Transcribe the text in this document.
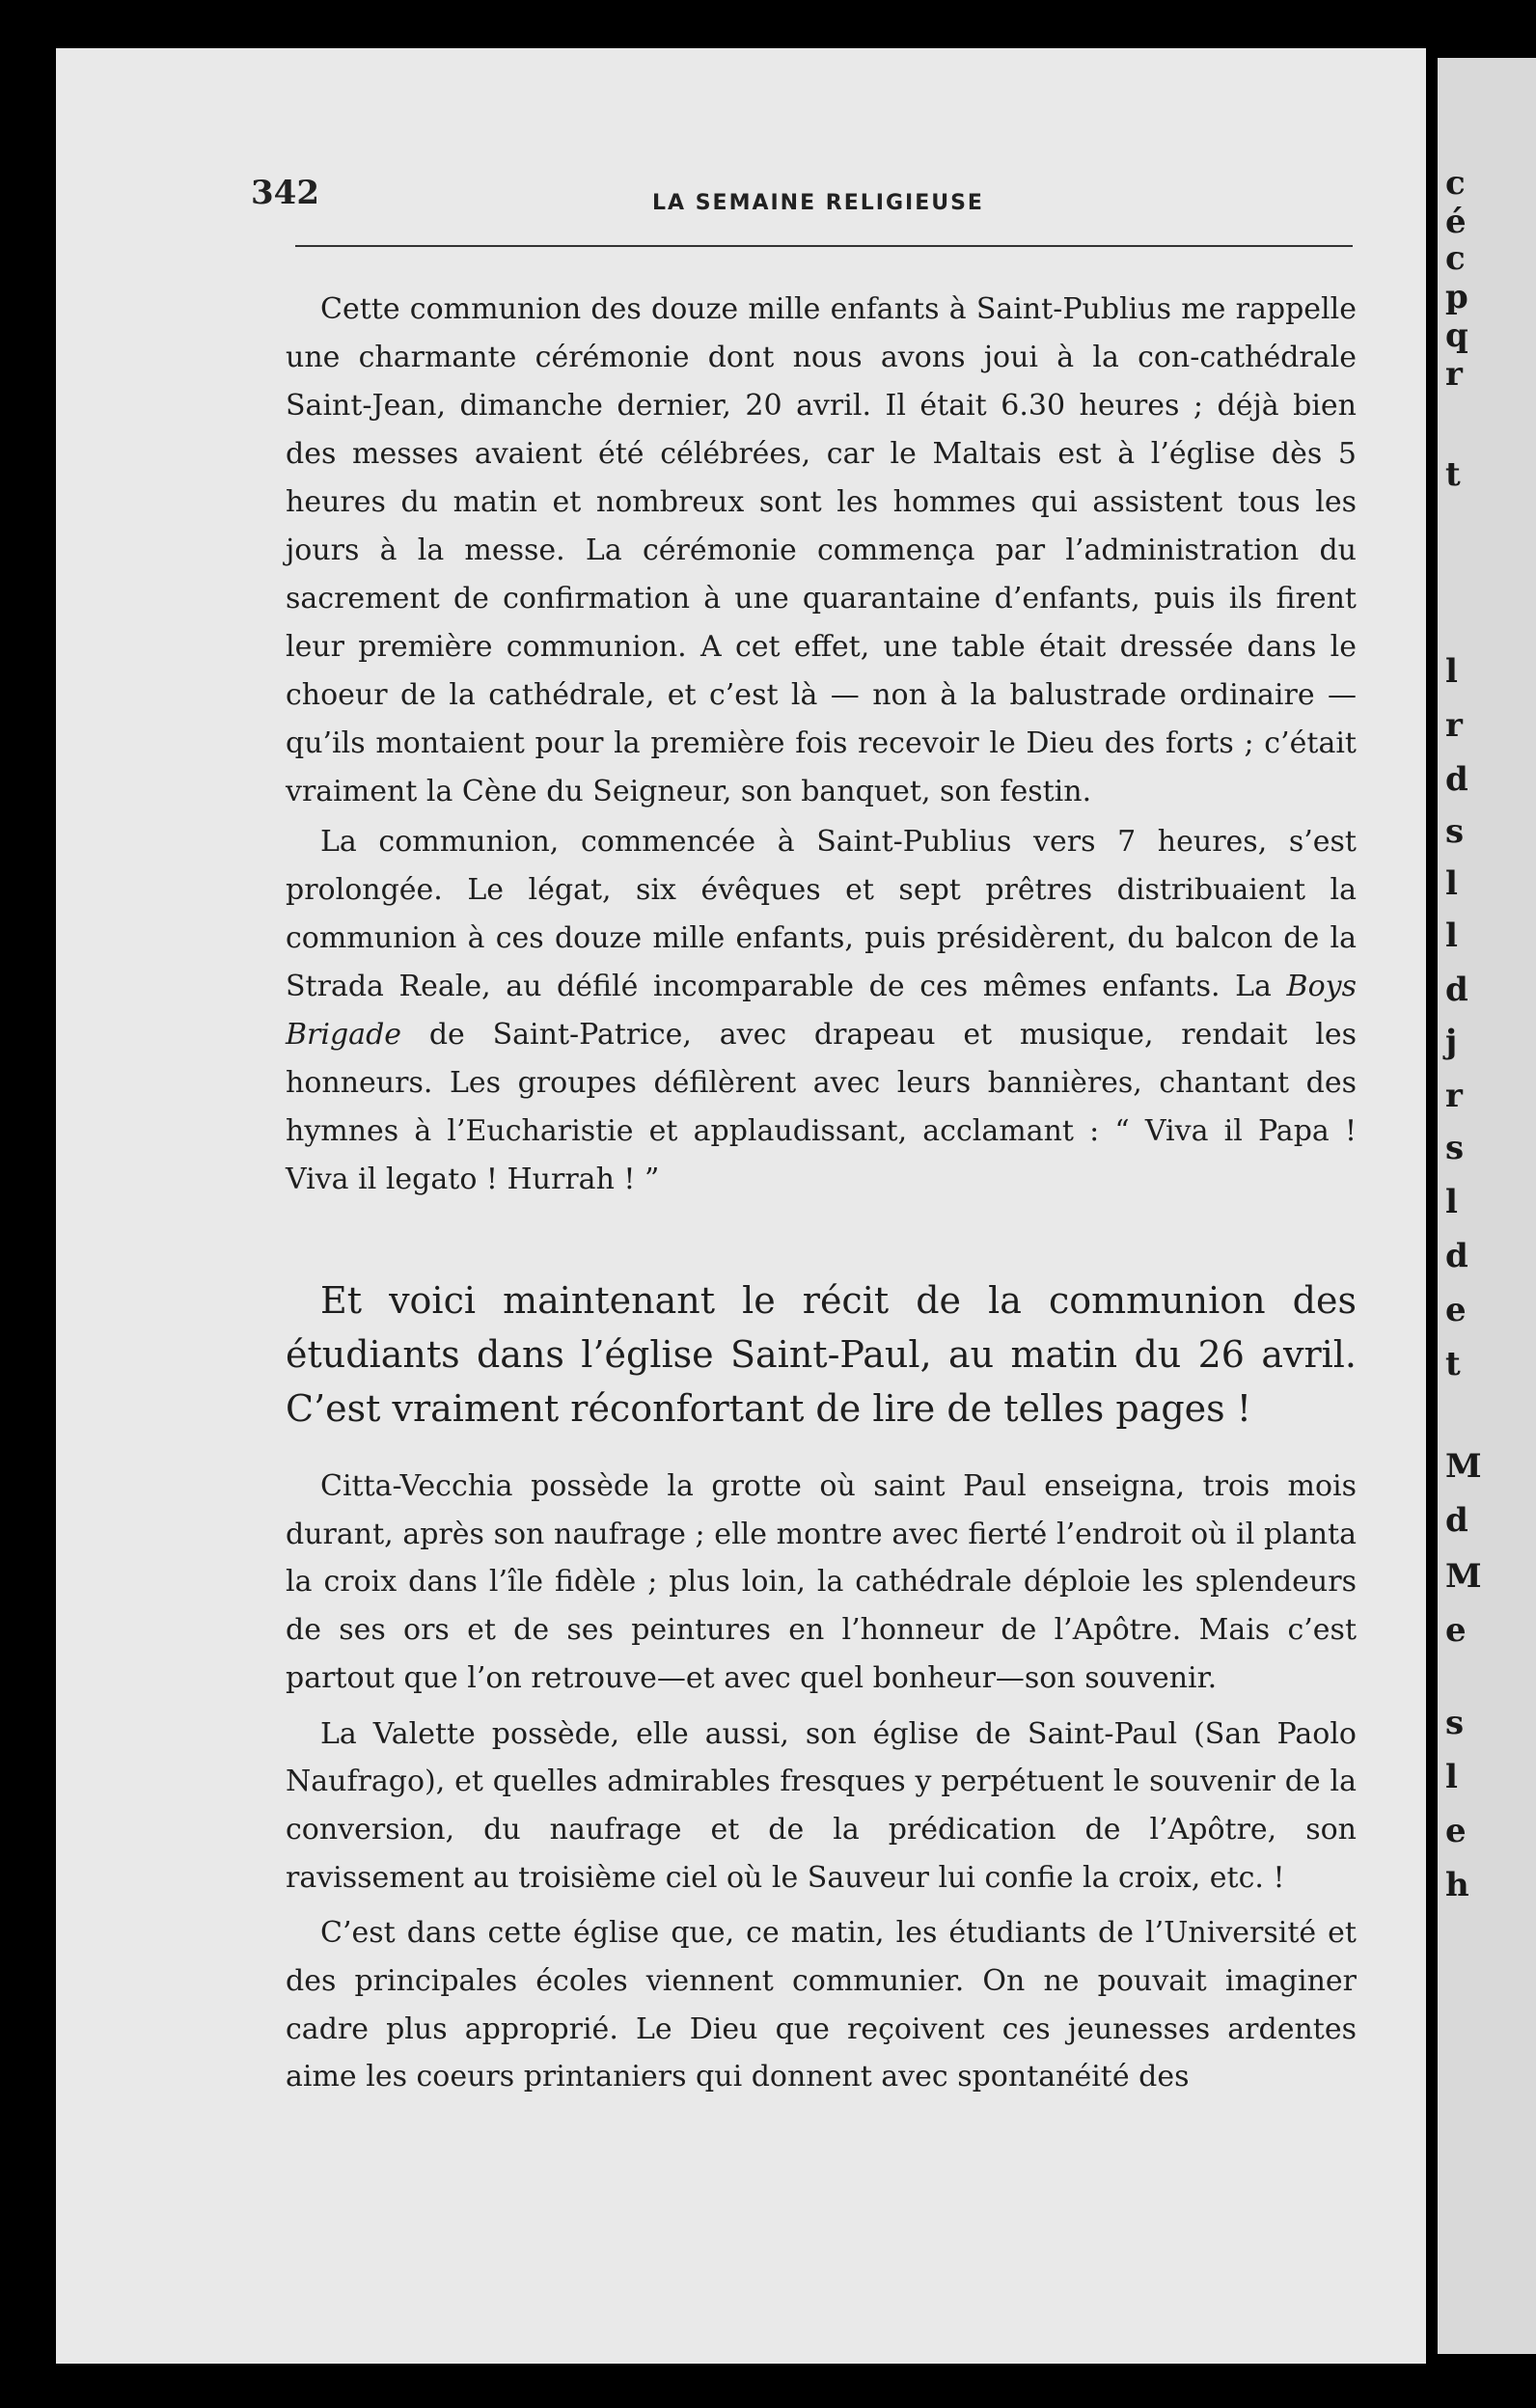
c
é
c
p
q
r
t
l
r
d
s
l
l
d
j
r
s
l
d
e
t
M
d
M
e
s
l
e
h
342	LA SEMAINE RELIGIEUSE

Cette communion des douze mille enfants à Saint-Publius me rappelle une charmante cérémonie dont nous avons joui à la con-cathédrale Saint-Jean, dimanche dernier, 20 avril. Il était 6.30 heures ; déjà bien des messes avaient été célébrées, car le Maltais est à l’église dès 5 heures du matin et nombreux sont les hommes qui assistent tous les jours à la messe. La cérémonie commença par l’administration du sacrement de confirmation à une quarantaine d’enfants, puis ils firent leur première communion. A cet effet, une table était dressée dans le choeur de la cathédrale, et c’est là — non à la balustrade ordinaire —qu’ils montaient pour la première fois recevoir le Dieu des forts ; c’était vraiment la Cène du Seigneur, son banquet, son festin.

La communion, commencée à Saint-Publius vers 7 heures, s’est prolongée. Le légat, six évêques et sept prêtres distribuaient la communion à ces douze mille enfants, puis présidèrent, du balcon de la Strada Reale, au défilé incomparable de ces mêmes enfants. La Boys Brigade de Saint-Patrice, avec drapeau et musique, rendait les honneurs. Les groupes défilèrent avec leurs bannières, chantant des hymnes à l’Eucharistie et applaudissant, acclamant : “ Viva il Papa ! Viva il legato ! Hurrah ! ”

Et voici maintenant le récit de la communion des étudiants dans l’église Saint-Paul, au matin du 26 avril. C’est vraiment réconfortant de lire de telles pages !

Citta-Vecchia possède la grotte où saint Paul enseigna, trois mois durant, après son naufrage ; elle montre avec fierté l’endroit où il planta la croix dans l’île fidèle ; plus loin, la cathédrale déploie les splendeurs de ses ors et de ses peintures en l’honneur de l’Apôtre. Mais c’est partout que l’on retrouve—et avec quel bonheur—son souvenir.

La Valette possède, elle aussi, son église de Saint-Paul (San Paolo Naufrago), et quelles admirables fresques y perpétuent le souvenir de la conversion, du naufrage et de la prédication de l’Apôtre, son ravissement au troisième ciel où le Sauveur lui confie la croix, etc. !

C’est dans cette église que, ce matin, les étudiants de l’Université et des principales écoles viennent communier. On ne pouvait imaginer cadre plus approprié. Le Dieu que reçoivent ces jeunesses ardentes aime les coeurs printaniers qui donnent avec spontanéité des
